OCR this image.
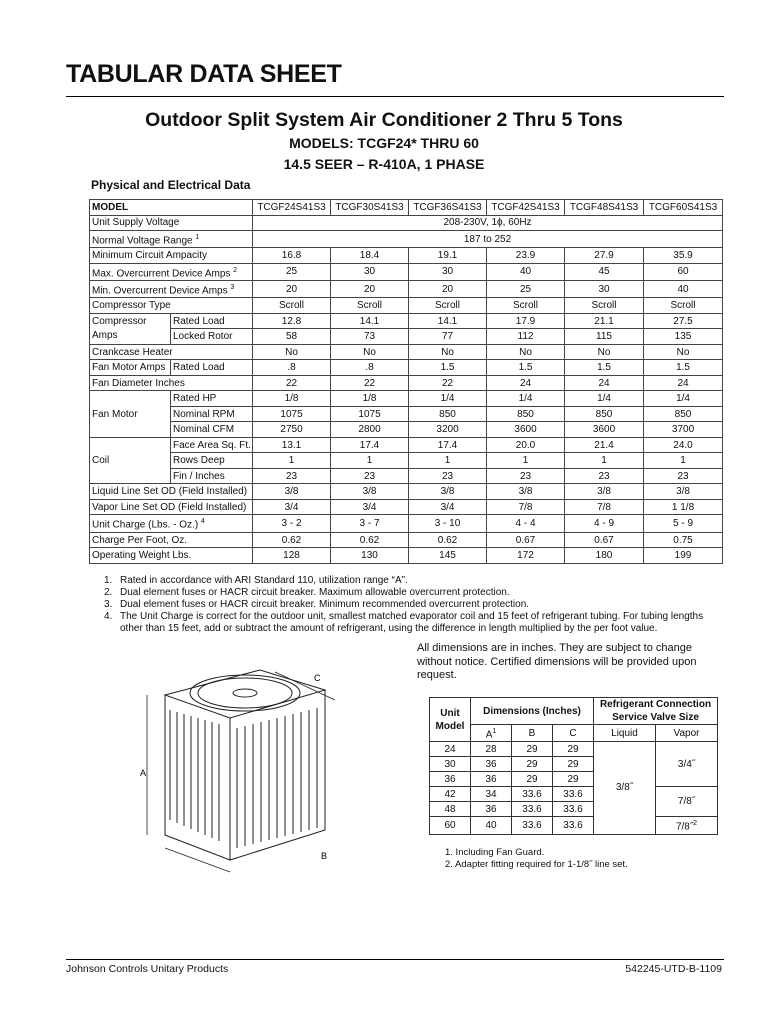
TABULAR DATA SHEET
Outdoor Split System Air Conditioner 2 Thru 5 Tons
MODELS: TCGF24* THRU 60
14.5 SEER – R-410A, 1 PHASE
Physical and Electrical Data
MODEL		TCGF24S41S3	TCGF30S41S3	TCGF36S41S3	TCGF42S41S3	TCGF48S41S3	TCGF60S41S3
Unit Supply Voltage		208-230V, 1ϕ, 60Hz					
Normal Voltage Range $^1$		187 to 252					
Minimum Circuit Ampacity		16.8	18.4	19.1	23.9	27.9	35.9
Max. Overcurrent Device Amps $^2$		25	30	30	40	45	60
Min. Overcurrent Device Amps $^3$		20	20	20	25	30	40
Compressor Type		Scroll	Scroll	Scroll	Scroll	Scroll	Scroll
Compressor
Amps	Rated Load	12.8	14.1	14.1	17.9	21.1	27.5
	Locked Rotor	58	73	77	112	115	135
Crankcase Heater		No	No	No	No	No	No
Fan Motor Amps	Rated Load	.8	.8	1.5	1.5	1.5	1.5
Fan Diameter Inches		22	22	22	24	24	24
Fan Motor	Rated HP	1/8	1/8	1/4	1/4	1/4	1/4
	Nominal RPM	1075	1075	850	850	850	850
	Nominal CFM	2750	2800	3200	3600	3600	3700
Coil	Face Area Sq. Ft.	13.1	17.4	17.4	20.0	21.4	24.0
	Rows Deep	1	1	1	1	1	1
	Fin / Inches	23	23	23	23	23	23
Liquid Line Set OD (Field Installed)		3/8	3/8	3/8	3/8	3/8	3/8
Vapor Line Set OD (Field Installed)		3/4	3/4	3/4	7/8	7/8	1 1/8
Unit Charge (Lbs. - Oz.) $^4$		3 - 2	3 - 7	3 - 10	4 - 4	4 - 9	5 - 9
Charge Per Foot, Oz.		0.62	0.62	0.62	0.67	0.67	0.75
Operating Weight Lbs.		128	130	145	172	180	199
1. Rated in accordance with ARI Standard 110, utilization range “A”.
2. Dual element fuses or HACR circuit breaker. Maximum allowable overcurrent protection.
3. Dual element fuses or HACR circuit breaker. Minimum recommended overcurrent protection.
4. The Unit Charge is correct for the outdoor unit, smallest matched evaporator coil and 15 feet of refrigerant tubing. For tubing lengths other than 15 feet, add or subtract the amount of refrigerant, using the difference in length multiplied by the per foot value.
All dimensions are in inches. They are subject to change without notice. Certified dimensions will be provided upon request.
A
B
C
Unit Model	Dimensions (Inches)			Refrigerant Connection Service Valve Size	
	$A^1$	B	C	Liquid	Vapor
24	28	29	29	3/8˝	3/4˝
30	36	29	29		
36	36	29	29		
42	34	33.6	33.6		7/8˝
48	36	33.6	33.6		
60	40	33.6	33.6		7/8˝$^2$
1. Including Fan Guard.
2. Adapter fitting required for 1-1/8˝ line set.
Johnson Controls Unitary Products	542245-UTD-B-1109
